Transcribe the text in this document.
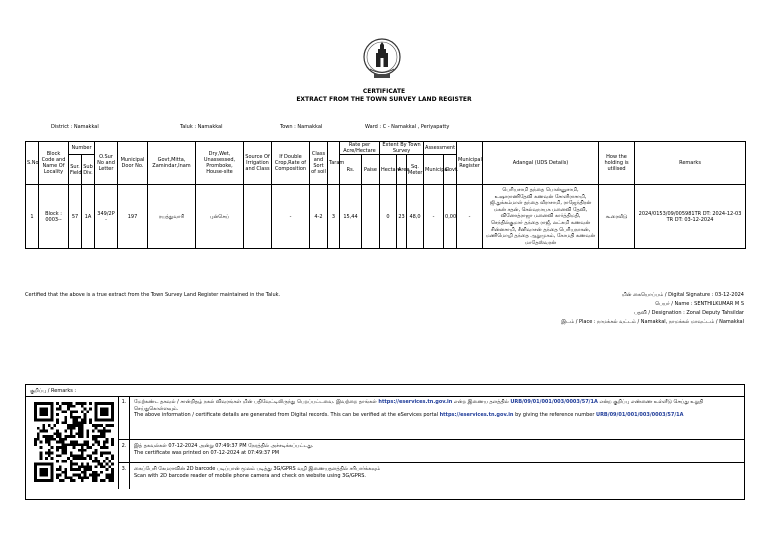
CERTIFICATE
EXTRACT FROM THE TOWN SURVEY LAND REGISTER
District : Namakkal	Taluk : Namakkal	Town : Namakkal	Ward : C - Namakkal , Periyapatty
S.No	Block Code and Name Of Locality	Number		O.Sur No and Letter	Municipal Door No.	Govt,Mitta, Zamindar,Inam	Dry,Wet, Unassessed, Promboke, House-site	Source Of Irrigation and Class	If Double Crop,Rate of Composition	Class and Sort of soil	Taram	Rate per Acre/Hectare		Extent By Town Survey			Assessment		Municipal Register	Adangal (UDS Details)	How the holding is utilised	Remarks
		Sur. Field	Sub Div.									Rs.	Paise	Hectare	Area	Sq. Meter	Municipal	Govt.				
1	Block : 0003--	57	1A	349/2P -	197	ரயத்துவாரி	புன்செய்		-	4-2	3	15,44		0	23	48,0	-	0,00	-	பெரியசாமி தந்தை பொன்னுசாமி, உஷாராணிதேவி கணவன் சோளிராசாமி, ஜி.துக்கம்மாள் தந்தை வீராசாமி, ராஜேந்திரன் மகன் சதன், செல்வநாயக மனைவி தேவி, வினோத்ராஜா மனைவி கார்த்திமதி, செந்தில்குமார் தந்தை ராஜீ, லட்சுமி கணவன் சின்னசாமி, சீனிவாசன் தந்தை பெரியநாகன், மணிமொழி தந்தை ஆறுமுகம், கோமதி கணவன் மாதேஸ்வரன்	கூரைவீடு	2024/0153/09/005981TR DT: 2024-12-03 TR DT: 03-12-2024
Certified that the above is a true extract from the Town Survey Land Register maintained in the Taluk.	மின் கையொப்பம் / Digital Signature : 03-12-2024
பெயர் / Name : SENTHILKUMAR M S
பதவி / Designation : Zonal Deputy Tahsildar
இடம் / Place : நாமக்கல் வட்டம் / Namakkal, நாமக்கல் மாவட்டம் / Namakkal
குறிப்பு / Remarks :
1.	மேற்கண்ட தகவல் / சான்றிதழ் நகல் விவரங்கள் மின் பதிவேட்டிலிருந்து பெறப்பட்டவை. இவற்றை தாங்கள் https://eservices.tn.gov.in என்ற இணைய தளத்தில் URB/09/01/001/003/0003/57/1A என்ற குறிப்பு எண்ணை உள்ளீடு செய்து உறுதி செய்துகொள்ளவும்.
The above information / certificate details are generated from Digital records. This can be verified at the eServices portal https://eservices.tn.gov.in by giving the reference number URB/09/01/001/003/0003/57/1A
2.	இத் தகவல்கள் 07-12-2024 அன்று 07:49:37 PM நேரத்தில் அச்சடிக்கப்பட்டது.
The certificate was printed on 07-12-2024 at 07:49:37 PM
3.	கைப்பேசி கேமராவின் 2D barcode படிப்பான் மூலம் படித்து 3G/GPRS வழி இணையதளத்தில் சரிபார்க்கவும்
Scan with 2D barcode reader of mobile phone camera and check on website using 3G/GPRS.
